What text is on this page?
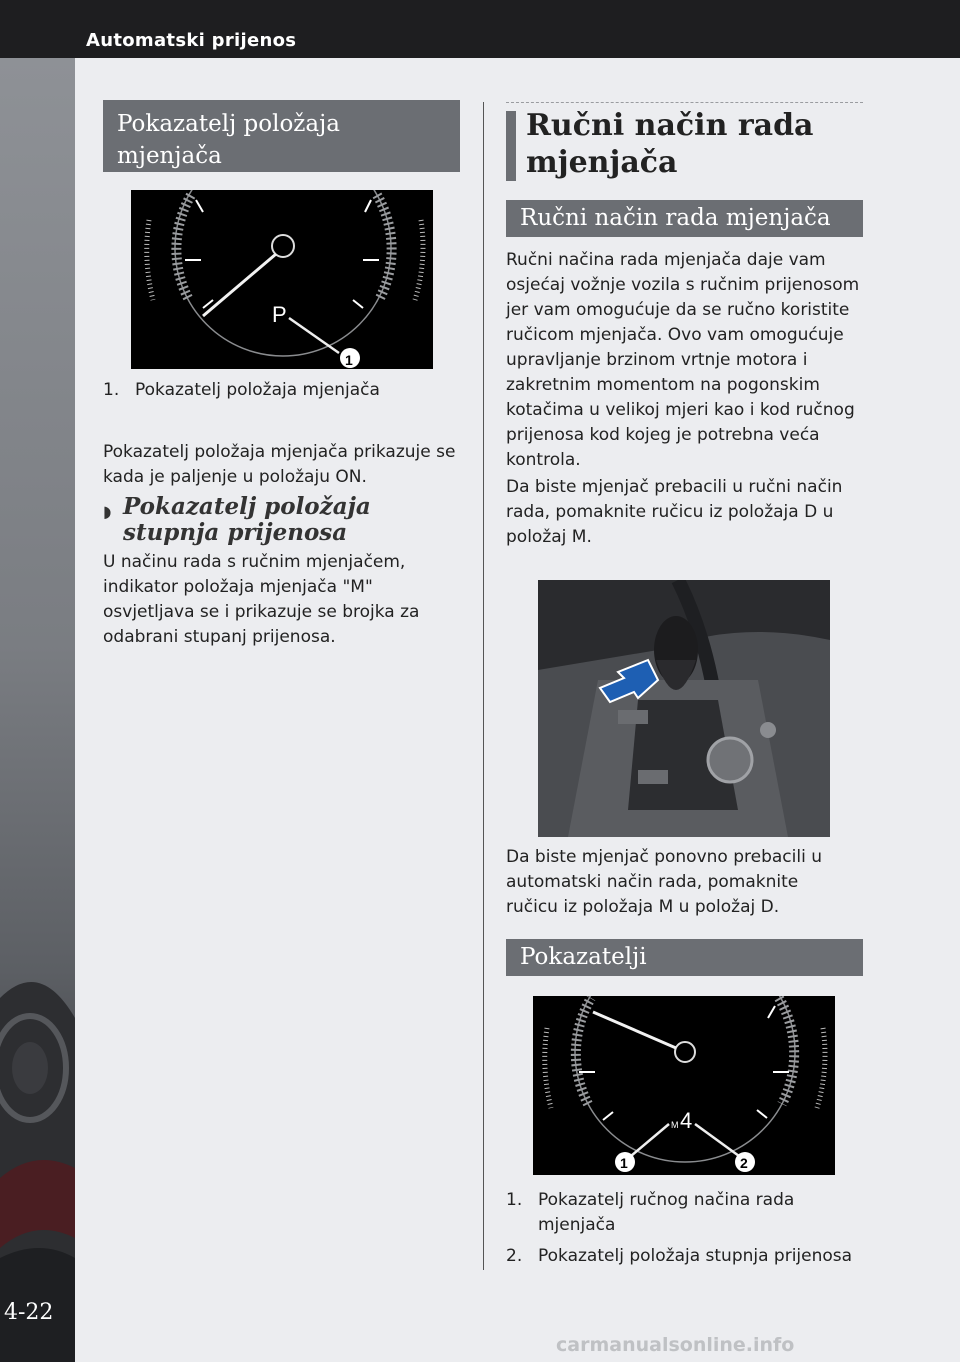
Automatski prijenos
4-22
Pokazatelj položaja mjenjača
P
1
1. Pokazatelj položaja mjenjača
Pokazatelj položaja mjenjača prikazuje se kada je paljenje u položaju ON.
◗ Pokazatelj položaja stupnja prijenosa
U načinu rada s ručnim mjenjačem, indikator položaja mjenjača "M" osvjetljava se i prikazuje se brojka za odabrani stupanj prijenosa.
Ručni način rada mjenjača
Ručni način rada mjenjača
Ručni načina rada mjenjača daje vam osjećaj vožnje vozila s ručnim prijenosom jer vam omogućuje da se ručno koristite ručicom mjenjača. Ovo vam omogućuje upravljanje brzinom vrtnje motora i zakretnim momentom na pogonskim kotačima u velikoj mjeri kao i kod ručnog prijenosa kod kojeg je potrebna veća kontrola.
Da biste mjenjač prebacili u ručni način rada, pomaknite ručicu iz položaja D u položaj M.
Da biste mjenjač ponovno prebacili u automatski način rada, pomaknite ručicu iz položaja M u položaj D.
Pokazatelji
M 4
1	2
1. Pokazatelj ručnog načina rada mjenjača
2. Pokazatelj položaja stupnja prijenosa
carmanualsonline.info
